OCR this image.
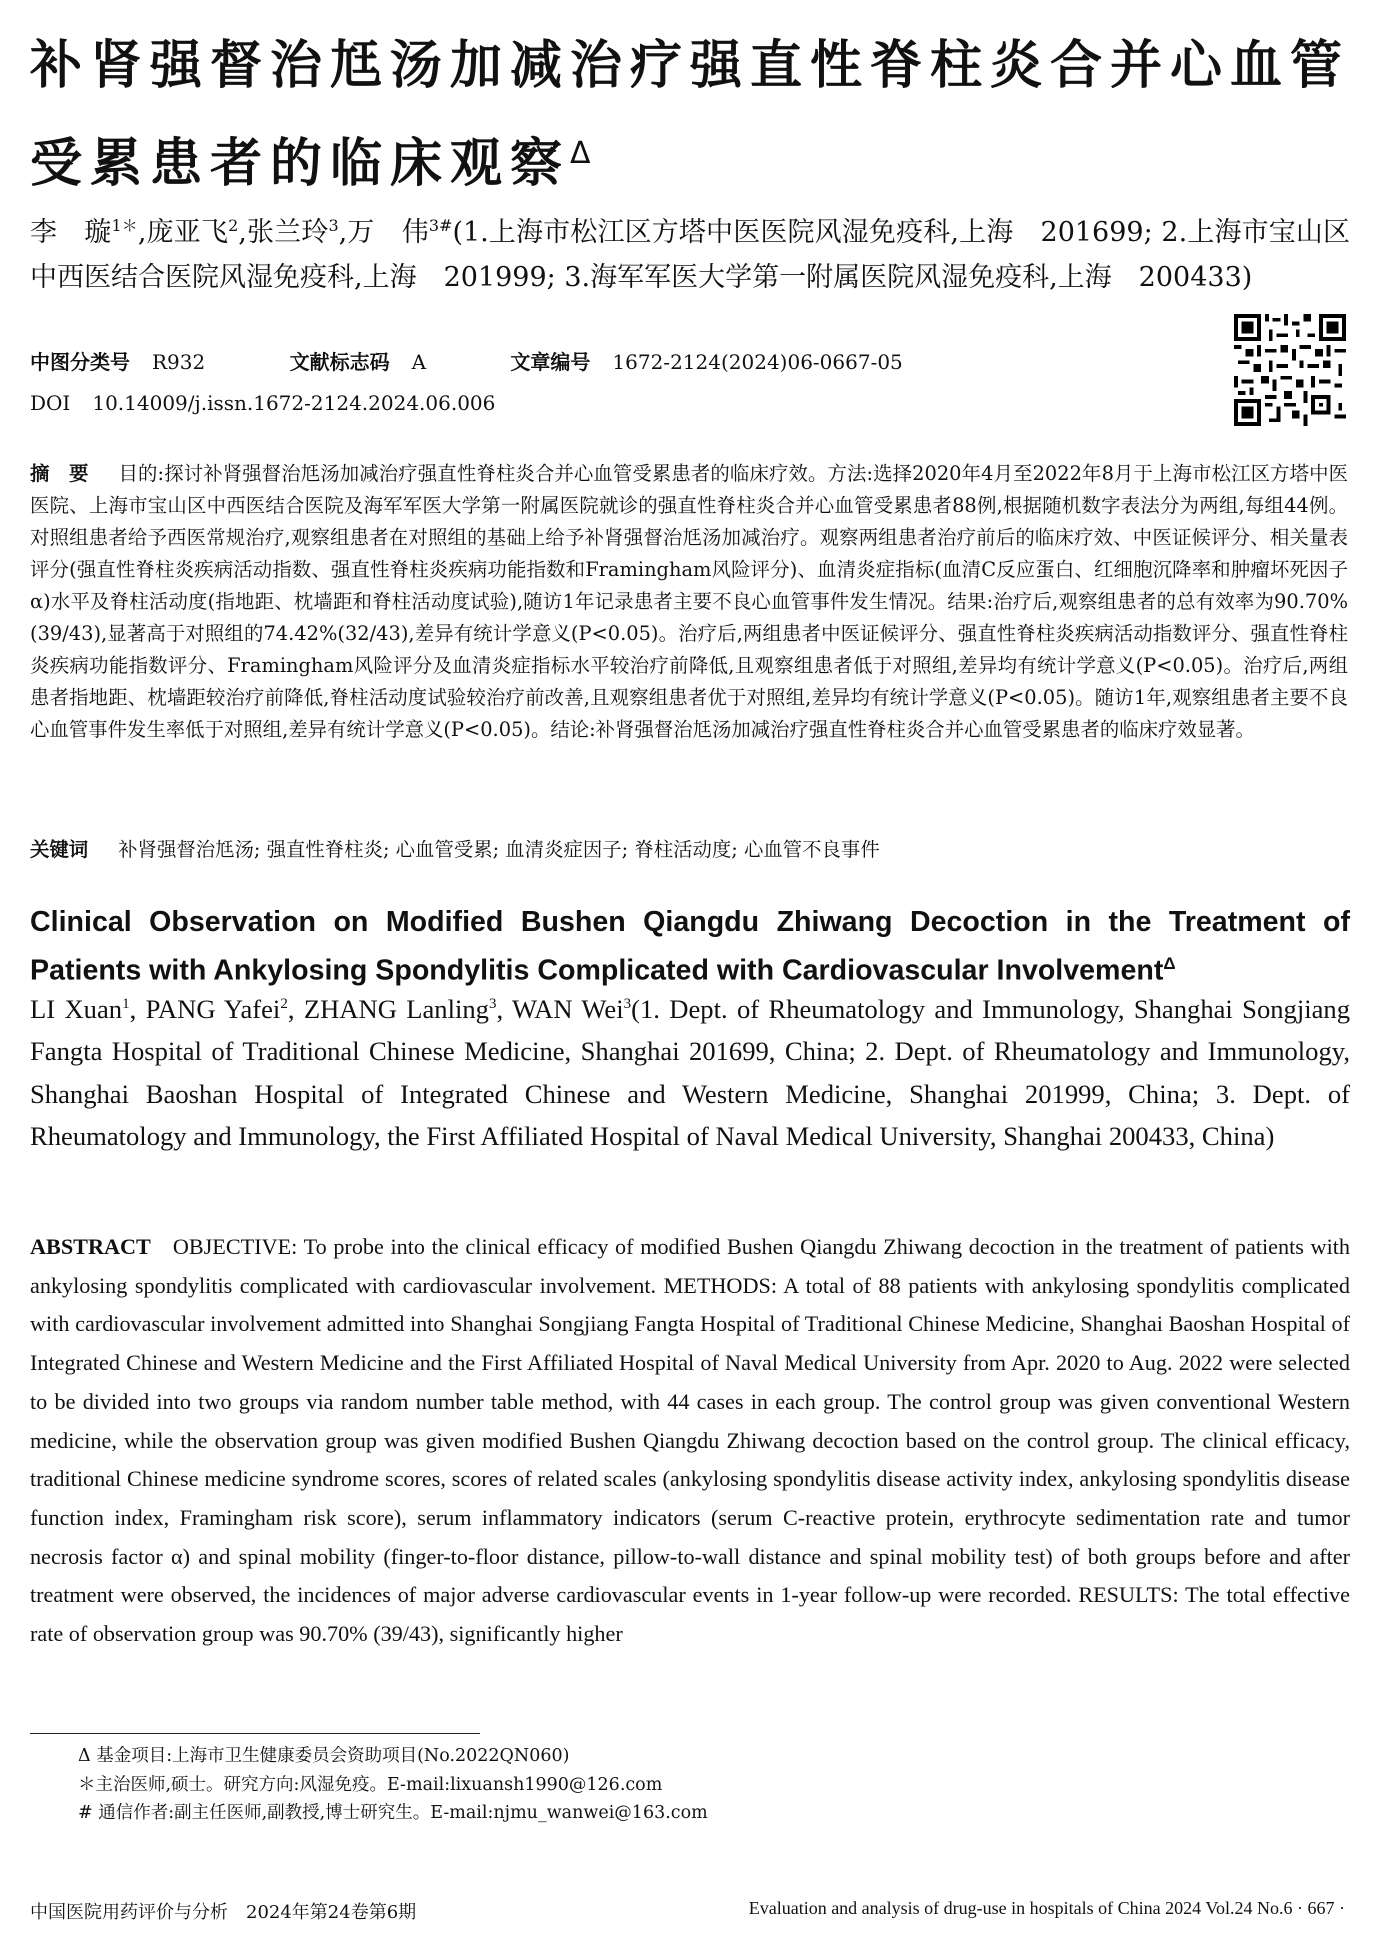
补肾强督治尪汤加减治疗强直性脊柱炎合并心血管受累患者的临床观察$^\Delta$
李　璇$^{1*}$,庞亚飞$^2$,张兰玲$^3$,万　伟$^{3\#}$(1.上海市松江区方塔中医医院风湿免疫科,上海　201699; 2.上海市宝山区中西医结合医院风湿免疫科,上海　201999; 3.海军军医大学第一附属医院风湿免疫科,上海　200433)

中图分类号 R932	文献标志码 A	文章编号 1672-2124(2024)06-0667-05

DOI 10.14009/j.issn.1672-2124.2024.06.006

摘　要 目的:探讨补肾强督治尪汤加减治疗强直性脊柱炎合并心血管受累患者的临床疗效。方法:选择2020年4月至2022年8月于上海市松江区方塔中医医院、上海市宝山区中西医结合医院及海军军医大学第一附属医院就诊的强直性脊柱炎合并心血管受累患者88例,根据随机数字表法分为两组,每组44例。对照组患者给予西医常规治疗,观察组患者在对照组的基础上给予补肾强督治尪汤加减治疗。观察两组患者治疗前后的临床疗效、中医证候评分、相关量表评分(强直性脊柱炎疾病活动指数、强直性脊柱炎疾病功能指数和Framingham风险评分)、血清炎症指标(血清C反应蛋白、红细胞沉降率和肿瘤坏死因子α)水平及脊柱活动度(指地距、枕墙距和脊柱活动度试验),随访1年记录患者主要不良心血管事件发生情况。结果:治疗后,观察组患者的总有效率为90.70%(39/43),显著高于对照组的74.42%(32/43),差异有统计学意义(P<0.05)。治疗后,两组患者中医证候评分、强直性脊柱炎疾病活动指数评分、强直性脊柱炎疾病功能指数评分、Framingham风险评分及血清炎症指标水平较治疗前降低,且观察组患者低于对照组,差异均有统计学意义(P<0.05)。治疗后,两组患者指地距、枕墙距较治疗前降低,脊柱活动度试验较治疗前改善,且观察组患者优于对照组,差异均有统计学意义(P<0.05)。随访1年,观察组患者主要不良心血管事件发生率低于对照组,差异有统计学意义(P<0.05)。结论:补肾强督治尪汤加减治疗强直性脊柱炎合并心血管受累患者的临床疗效显著。
关键词 补肾强督治尪汤; 强直性脊柱炎; 心血管受累; 血清炎症因子; 脊柱活动度; 心血管不良事件
Clinical Observation on Modified Bushen Qiangdu Zhiwang Decoction in the Treatment of Patients with Ankylosing Spondylitis Complicated with Cardiovascular Involvement$^\Delta$
LI Xuan$^1$, PANG Yafei$^2$, ZHANG Lanling$^3$, WAN Wei$^3$(1. Dept. of Rheumatology and Immunology, Shanghai Songjiang Fangta Hospital of Traditional Chinese Medicine, Shanghai 201699, China; 2. Dept. of Rheumatology and Immunology, Shanghai Baoshan Hospital of Integrated Chinese and Western Medicine, Shanghai 201999, China; 3. Dept. of Rheumatology and Immunology, the First Affiliated Hospital of Naval Medical University, Shanghai 200433, China)
ABSTRACT OBJECTIVE: To probe into the clinical efficacy of modified Bushen Qiangdu Zhiwang decoction in the treatment of patients with ankylosing spondylitis complicated with cardiovascular involvement. METHODS: A total of 88 patients with ankylosing spondylitis complicated with cardiovascular involvement admitted into Shanghai Songjiang Fangta Hospital of Traditional Chinese Medicine, Shanghai Baoshan Hospital of Integrated Chinese and Western Medicine and the First Affiliated Hospital of Naval Medical University from Apr. 2020 to Aug. 2022 were selected to be divided into two groups via random number table method, with 44 cases in each group. The control group was given conventional Western medicine, while the observation group was given modified Bushen Qiangdu Zhiwang decoction based on the control group. The clinical efficacy, traditional Chinese medicine syndrome scores, scores of related scales (ankylosing spondylitis disease activity index, ankylosing spondylitis disease function index, Framingham risk score), serum inflammatory indicators (serum C-reactive protein, erythrocyte sedimentation rate and tumor necrosis factor α) and spinal mobility (finger-to-floor distance, pillow-to-wall distance and spinal mobility test) of both groups before and after treatment were observed, the incidences of major adverse cardiovascular events in 1-year follow-up were recorded. RESULTS: The total effective rate of observation group was 90.70% (39/43), significantly higher

Δ 基金项目:上海市卫生健康委员会资助项目(No.2022QN060)

＊主治医师,硕士。研究方向:风湿免疫。E-mail:lixuansh1990@126.com

# 通信作者:副主任医师,副教授,博士研究生。E-mail:njmu_wanwei@163.com

中国医院用药评价与分析　2024年第24卷第6期	Evaluation and analysis of drug-use in hospitals of China 2024 Vol.24 No.6 · 667 ·
